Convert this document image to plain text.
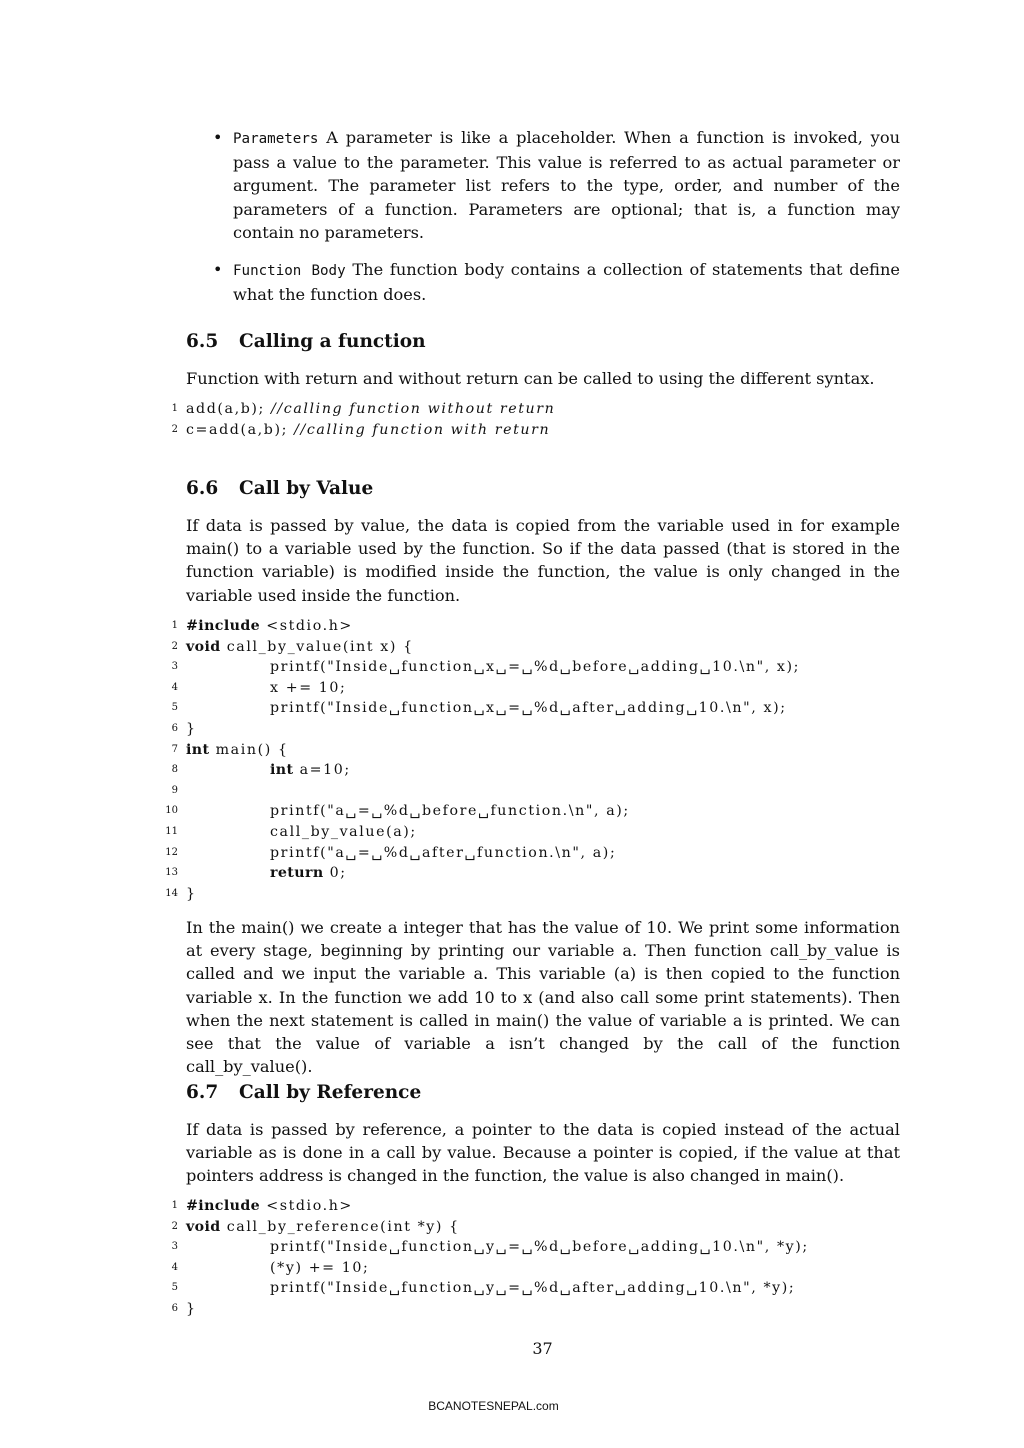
• Parameters A parameter is like a placeholder. When a function is invoked, you pass a value to the parameter. This value is referred to as actual parameter or argument. The parameter list refers to the type, order, and number of the parameters of a function. Parameters are optional; that is, a function may contain no parameters.
• Function Body The function body contains a collection of statements that define what the function does.
6.5 Calling a function
Function with return and without return can be called to using the different syntax.
1 add(a,b); //calling function without return
2 c=add(a,b); //calling function with return
6.6 Call by Value
If data is passed by value, the data is copied from the variable used in for example main() to a variable used by the function. So if the data passed (that is stored in the function variable) is modified inside the function, the value is only changed in the variable used inside the function.
1 #include <stdio.h>
2 void call_by_value(int x) {
3	printf("Inside␣function␣x␣=␣%d␣before␣adding␣10.\n", x);
4	x += 10;
5	printf("Inside␣function␣x␣=␣%d␣after␣adding␣10.\n", x);
6 }
7 int main() {
8	int a=10;
9
10	printf("a␣=␣%d␣before␣function.\n", a);
11	call_by_value(a);
12	printf("a␣=␣%d␣after␣function.\n", a);
13	return 0;
14 }
In the main() we create a integer that has the value of 10. We print some information at every stage, beginning by printing our variable a. Then function call_by_value is called and we input the variable a. This variable (a) is then copied to the function variable x. In the function we add 10 to x (and also call some print statements). Then when the next statement is called in main() the value of variable a is printed. We can see that the value of variable a isn’t changed by the call of the function call_by_value().
6.7 Call by Reference
If data is passed by reference, a pointer to the data is copied instead of the actual variable as is done in a call by value. Because a pointer is copied, if the value at that pointers address is changed in the function, the value is also changed in main().
1 #include <stdio.h>
2 void call_by_reference(int *y) {
3	printf("Inside␣function␣y␣=␣%d␣before␣adding␣10.\n", *y);
4	(*y) += 10;
5	printf("Inside␣function␣y␣=␣%d␣after␣adding␣10.\n", *y);
6 }
37
BCANOTESNEPAL.com
